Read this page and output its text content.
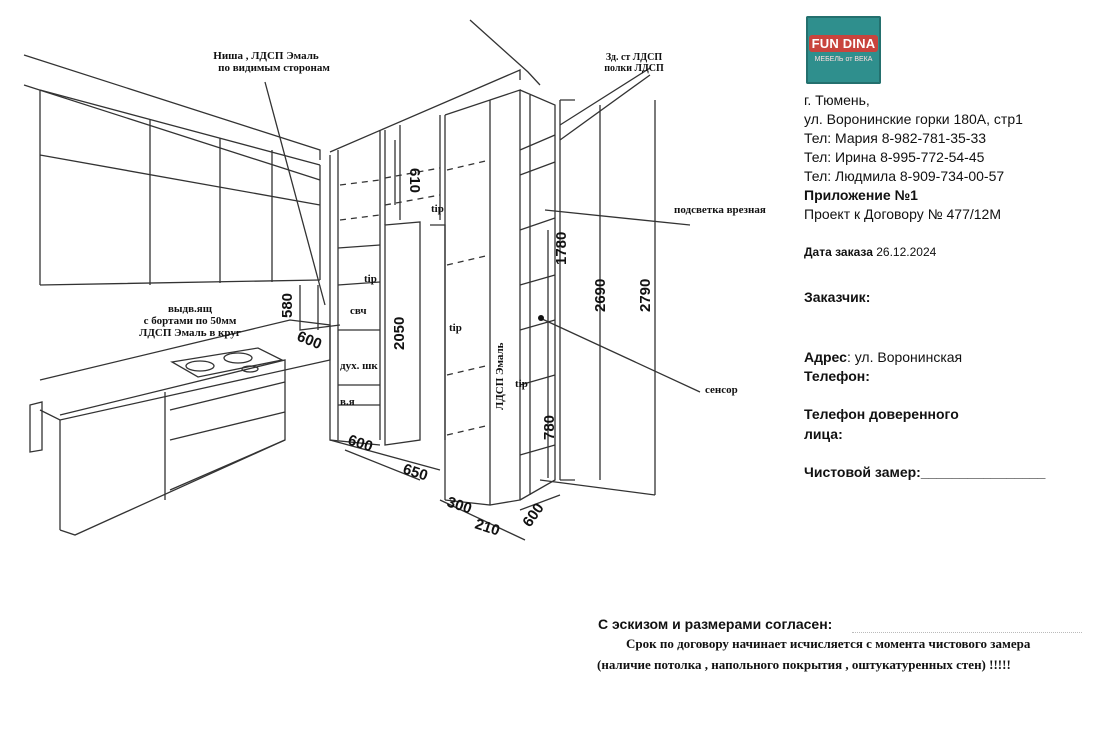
Ниша , ЛДСП Эмаль
по видимым сторонам
Зд. ст ЛДСП
полки ЛДСП
подсветка врезная
сенсор
выдв.ящ
с бортами по 50мм
ЛДСП Эмаль в круг
tip
tip
tip
tip
свч
дух. шк
в.я	ЛДСП Эмаль
610
580
600	2050
1780
2690 2790
780
600
650
300
210 600
FUN DINA
МЕБЕЛЬ от ВЕКА
г. Тюмень,
ул. Воронинские горки 180А, стр1
Тел: Мария 8-982-781-35-33
Тел: Ирина 8-995-772-54-45
Тел: Людмила 8-909-734-00-57
Приложение №1
Проект к Договору № 477/12М
Дата заказа 26.12.2024
Заказчик:
Адрес: ул. Воронинская
Телефон:
Телефон доверенного
лица:
Чистовой замер:________________
С эскизом и размерами согласен:
Срок по договору начинает исчисляется с момента чистового замера
(наличие потолка , напольного покрытия , оштукатуренных стен) !!!!!
